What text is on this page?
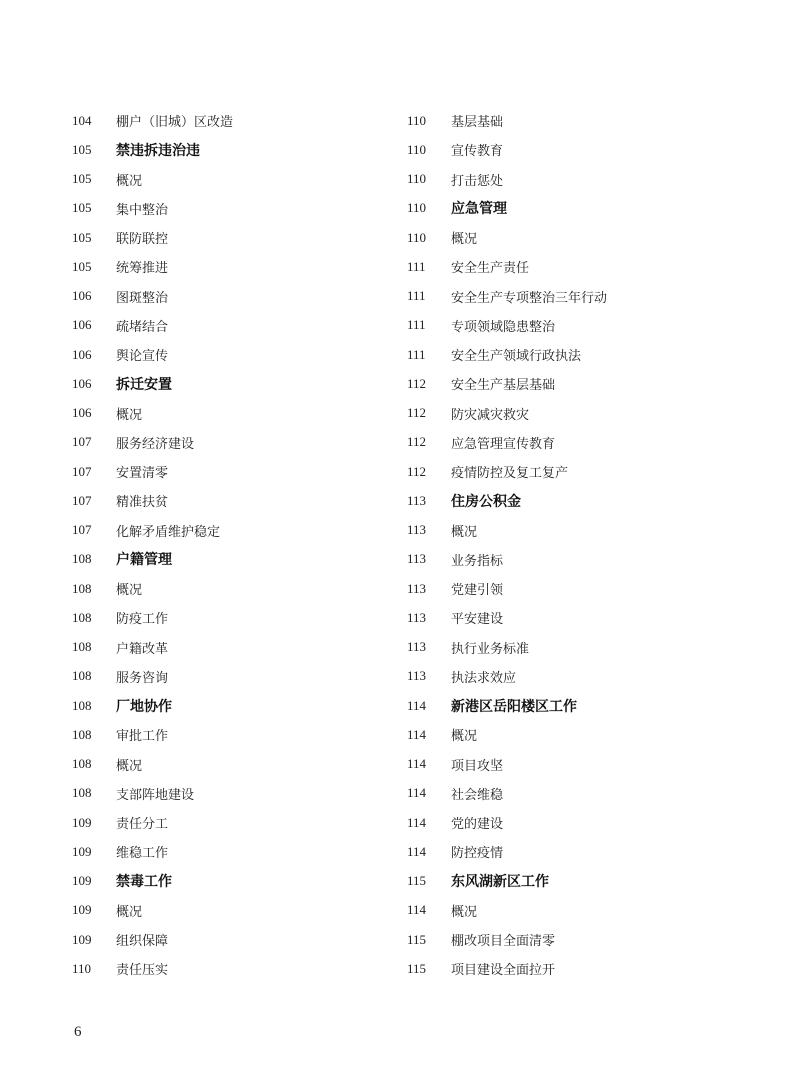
104	棚户（旧城）区改造
105	禁违拆违治违
105	概况
105	集中整治
105	联防联控
105	统筹推进
106	图斑整治
106	疏堵结合
106	舆论宣传
106	拆迁安置
106	概况
107	服务经济建设
107	安置清零
107	精准扶贫
107	化解矛盾维护稳定
108	户籍管理
108	概况
108	防疫工作
108	户籍改革
108	服务咨询
108	厂地协作
108	审批工作
108	概况
108	支部阵地建设
109	责任分工
109	维稳工作
109	禁毒工作
109	概况
109	组织保障
110	责任压实
110	基层基础
110	宣传教育
110	打击惩处
110	应急管理
110	概况
111	安全生产责任
111	安全生产专项整治三年行动
111	专项领域隐患整治
111	安全生产领域行政执法
112	安全生产基层基础
112	防灾减灾救灾
112	应急管理宣传教育
112	疫情防控及复工复产
113	住房公积金
113	概况
113	业务指标
113	党建引领
113	平安建设
113	执行业务标准
113	执法求效应
114	新港区岳阳楼区工作
114	概况
114	项目攻坚
114	社会维稳
114	党的建设
114	防控疫情
115	东风湖新区工作
114	概况
115	棚改项目全面清零
115	项目建设全面拉开
6
